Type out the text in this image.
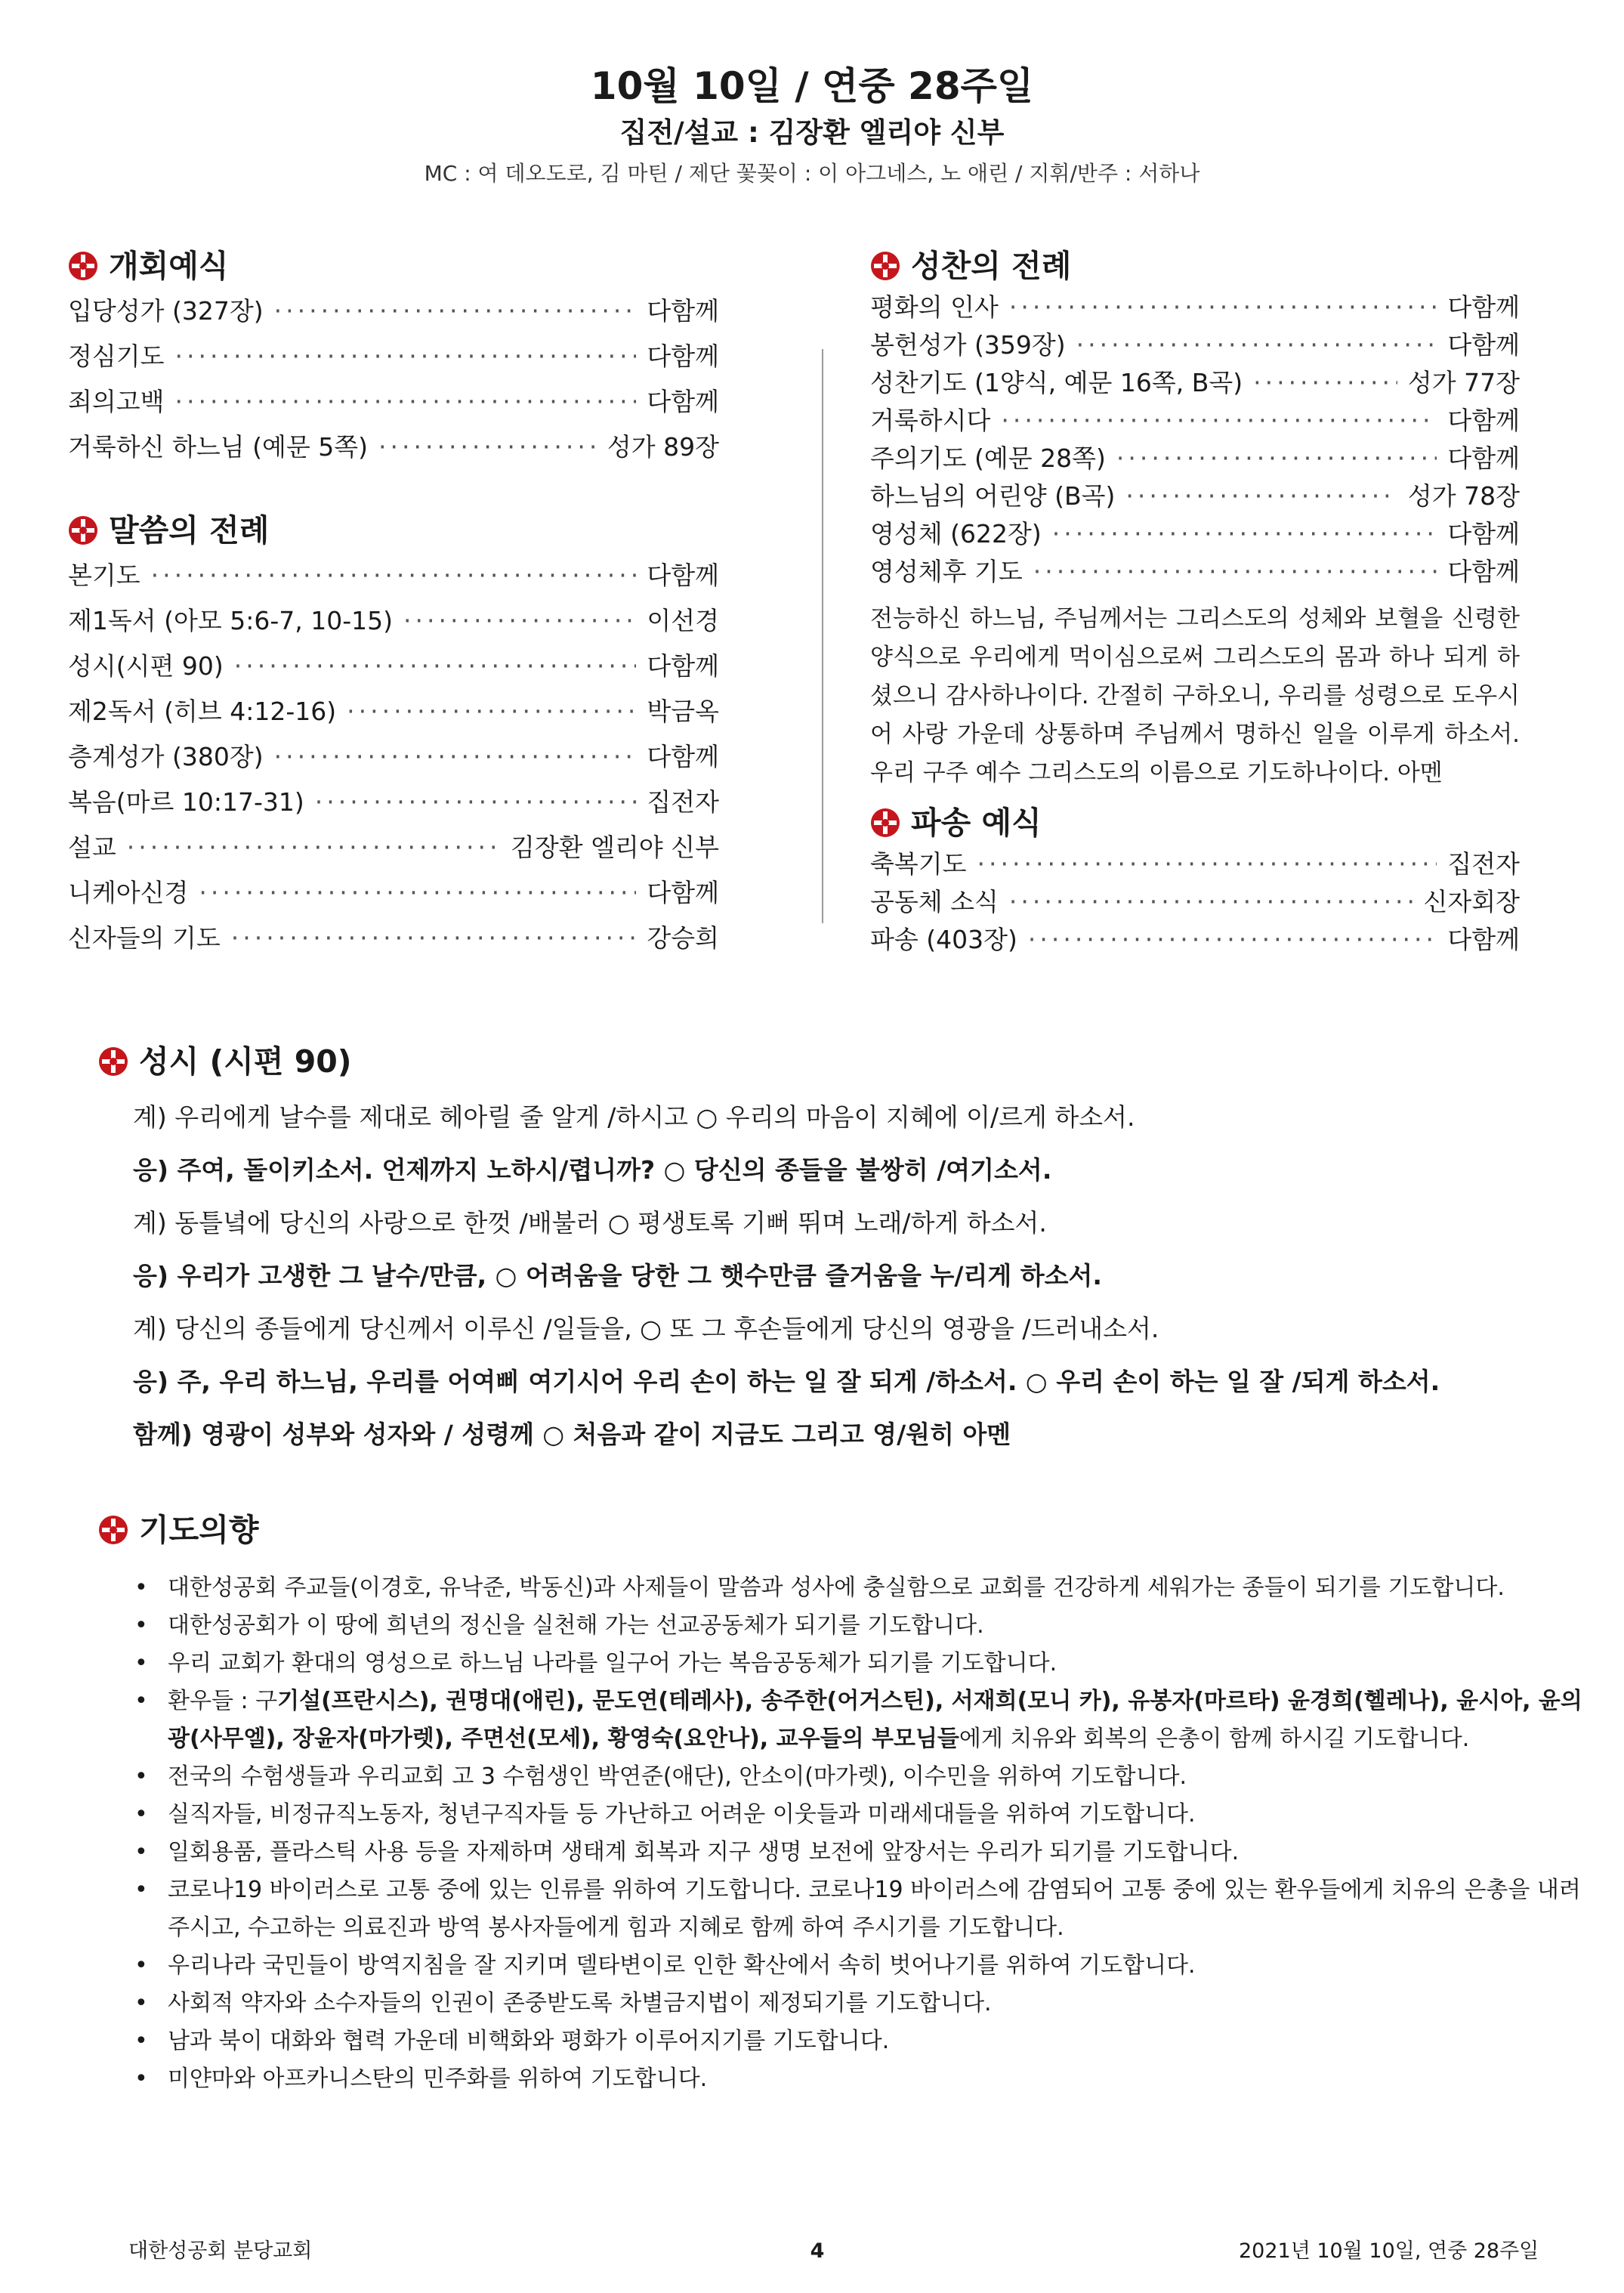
10월 10일 / 연중 28주일
집전/설교 : 김장환 엘리야 신부
MC : 여 데오도로, 김 마틴 / 제단 꽃꽂이 : 이 아그네스, 노 애린 / 지휘/반주 : 서하나
개회예식
입당성가 (327장) ·····	다함께
정심기도 ·····	다함께
죄의고백 ·····	다함께
거룩하신 하느님 (예문 5쪽) ·····	성가 89장
말씀의 전례
본기도 ·····	다함께
제1독서 (아모 5:6-7, 10-15) ·····	이선경
성시(시편 90) ·····	다함께
제2독서 (히브 4:12-16) ·····	박금옥
층계성가 (380장) ·····	다함께
복음(마르 10:17-31) ·····	집전자
설교 ·····	김장환 엘리야 신부
니케아신경 ·····	다함께
신자들의 기도 ·····	강승희
성찬의 전례
평화의 인사 ·····	다함께
봉헌성가 (359장) ·····	다함께
성찬기도 (1양식, 예문 16쪽, B곡) ·····	성가 77장
거룩하시다 ·····	다함께
주의기도 (예문 28쪽) ·····	다함께
하느님의 어린양 (B곡) ·····	성가 78장
영성체 (622장) ·····	다함께
영성체후 기도 ·····	다함께
전능하신 하느님, 주님께서는 그리스도의 성체와 보혈을 신령한 양식으로 우리에게 먹이심으로써 그리스도의 몸과 하나 되게 하셨으니 감사하나이다. 간절히 구하오니, 우리를 성령으로 도우시어 사랑 가운데 상통하며 주님께서 명하신 일을 이루게 하소서. 우리 구주 예수 그리스도의 이름으로 기도하나이다. 아멘
파송 예식
축복기도 ·····	집전자
공동체 소식 ·····	신자회장
파송 (403장) ·····	다함께
성시 (시편 90)
계) 우리에게 날수를 제대로 헤아릴 줄 알게 /하시고 ○ 우리의 마음이 지혜에 이/르게 하소서.
응) 주여, 돌이키소서. 언제까지 노하시/렵니까? ○ 당신의 종들을 불쌍히 /여기소서.
계) 동틀녘에 당신의 사랑으로 한껏 /배불러 ○ 평생토록 기뻐 뛰며 노래/하게 하소서.
응) 우리가 고생한 그 날수/만큼, ○ 어려움을 당한 그 햇수만큼 즐거움을 누/리게 하소서.
계) 당신의 종들에게 당신께서 이루신 /일들을, ○ 또 그 후손들에게 당신의 영광을 /드러내소서.
응) 주, 우리 하느님, 우리를 어여삐 여기시어 우리 손이 하는 일 잘 되게 /하소서. ○ 우리 손이 하는 일 잘 /되게 하소서.
함께) 영광이 성부와 성자와 / 성령께 ○ 처음과 같이 지금도 그리고 영/원히 아멘
기도의향
• 대한성공회 주교들(이경호, 유낙준, 박동신)과 사제들이 말씀과 성사에 충실함으로 교회를 건강하게 세워가는 종들이 되기를 기도합니다.
• 대한성공회가 이 땅에 희년의 정신을 실천해 가는 선교공동체가 되기를 기도합니다.
• 우리 교회가 환대의 영성으로 하느님 나라를 일구어 가는 복음공동체가 되기를 기도합니다.
• 환우들 : 구기설(프란시스), 권명대(애린), 문도연(테레사), 송주한(어거스틴), 서재희(모니 카), 유봉자(마르타) 윤경희(헬레나), 윤시아, 윤의광(사무엘), 장윤자(마가렛), 주면선(모세), 황영숙(요안나), 교우들의 부모님들에게 치유와 회복의 은총이 함께 하시길 기도합니다.
• 전국의 수험생들과 우리교회 고 3 수험생인 박연준(애단), 안소이(마가렛), 이수민을 위하여 기도합니다.
• 실직자들, 비정규직노동자, 청년구직자들 등 가난하고 어려운 이웃들과 미래세대들을 위하여 기도합니다.
• 일회용품, 플라스틱 사용 등을 자제하며 생태계 회복과 지구 생명 보전에 앞장서는 우리가 되기를 기도합니다.
• 코로나19 바이러스로 고통 중에 있는 인류를 위하여 기도합니다. 코로나19 바이러스에 감염되어 고통 중에 있는 환우들에게 치유의 은총을 내려주시고, 수고하는 의료진과 방역 봉사자들에게 힘과 지혜로 함께 하여 주시기를 기도합니다.
• 우리나라 국민들이 방역지침을 잘 지키며 델타변이로 인한 확산에서 속히 벗어나기를 위하여 기도합니다.
• 사회적 약자와 소수자들의 인권이 존중받도록 차별금지법이 제정되기를 기도합니다.
• 남과 북이 대화와 협력 가운데 비핵화와 평화가 이루어지기를 기도합니다.
• 미얀마와 아프카니스탄의 민주화를 위하여 기도합니다.
대한성공회 분당교회	4	2021년 10월 10일, 연중 28주일
